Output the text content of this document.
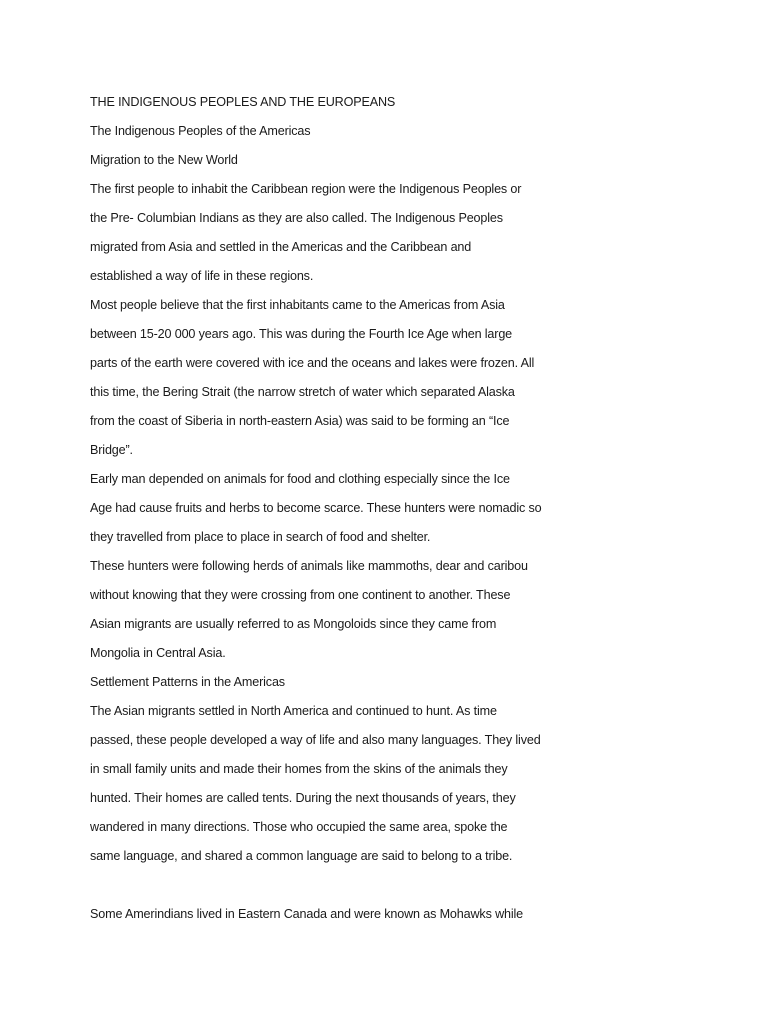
THE INDIGENOUS PEOPLES AND THE EUROPEANS
The Indigenous Peoples of the Americas
Migration to the New World
The first people to inhabit the Caribbean region were the Indigenous Peoples or
the Pre- Columbian Indians as they are also called. The Indigenous Peoples
migrated from Asia and settled in the Americas and the Caribbean and
established a way of life in these regions.
Most people believe that the first inhabitants came to the Americas from Asia
between 15-20 000 years ago. This was during the Fourth Ice Age when large
parts of the earth were covered with ice and the oceans and lakes were frozen. All
this time, the Bering Strait (the narrow stretch of water which separated Alaska
from the coast of Siberia in north-eastern Asia) was said to be forming an “Ice
Bridge”.
Early man depended on animals for food and clothing especially since the Ice
Age had cause fruits and herbs to become scarce. These hunters were nomadic so
they travelled from place to place in search of food and shelter.
These hunters were following herds of animals like mammoths, dear and caribou
without knowing that they were crossing from one continent to another. These
Asian migrants are usually referred to as Mongoloids since they came from
Mongolia in Central Asia.
Settlement Patterns in the Americas
The Asian migrants settled in North America and continued to hunt. As time
passed, these people developed a way of life and also many languages. They lived
in small family units and made their homes from the skins of the animals they
hunted. Their homes are called tents. During the next thousands of years, they
wandered in many directions. Those who occupied the same area, spoke the
same language, and shared a common language are said to belong to a tribe.
Some Amerindians lived in Eastern Canada and were known as Mohawks while
